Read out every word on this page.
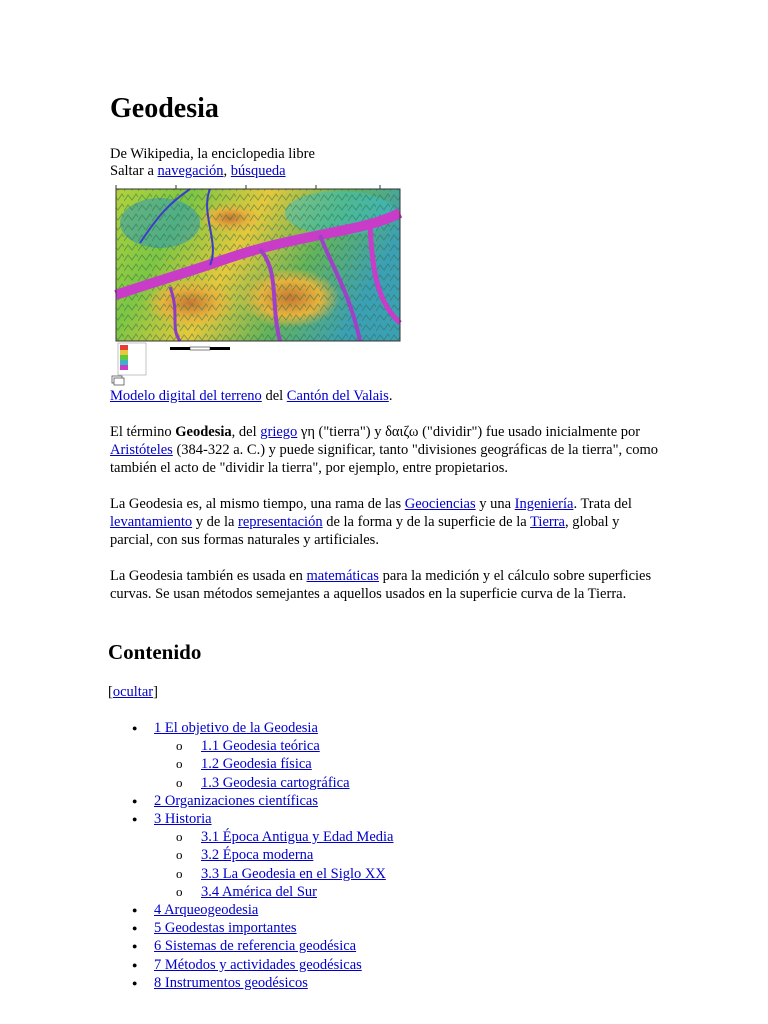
Geodesia

De Wikipedia, la enciclopedia libre

Saltar a navegación, búsqueda

Modelo digital del terreno del Cantón del Valais.

El término Geodesia, del griego γη ("tierra") y δαιζω ("dividir") fue usado inicialmente por Aristóteles (384-322 a. C.) y puede significar, tanto "divisiones geográficas de la tierra", como también el acto de "dividir la tierra", por ejemplo, entre propietarios.

La Geodesia es, al mismo tiempo, una rama de las Geociencias y una Ingeniería. Trata del levantamiento y de la representación de la forma y de la superficie de la Tierra, global y parcial, con sus formas naturales y artificiales.

La Geodesia también es usada en matemáticas para la medición y el cálculo sobre superficies curvas. Se usan métodos semejantes a aquellos usados en la superficie curva de la Tierra.

Contenido
[ocultar]
● 1 El objetivo de la Geodesia
o 1.1 Geodesia teórica
o 1.2 Geodesia física
o 1.3 Geodesia cartográfica
● 2 Organizaciones científicas
● 3 Historia
o 3.1 Época Antigua y Edad Media
o 3.2 Época moderna
o 3.3 La Geodesia en el Siglo XX
o 3.4 América del Sur
● 4 Arqueogeodesia
● 5 Geodestas importantes
● 6 Sistemas de referencia geodésica
● 7 Métodos y actividades geodésicas
● 8 Instrumentos geodésicos
